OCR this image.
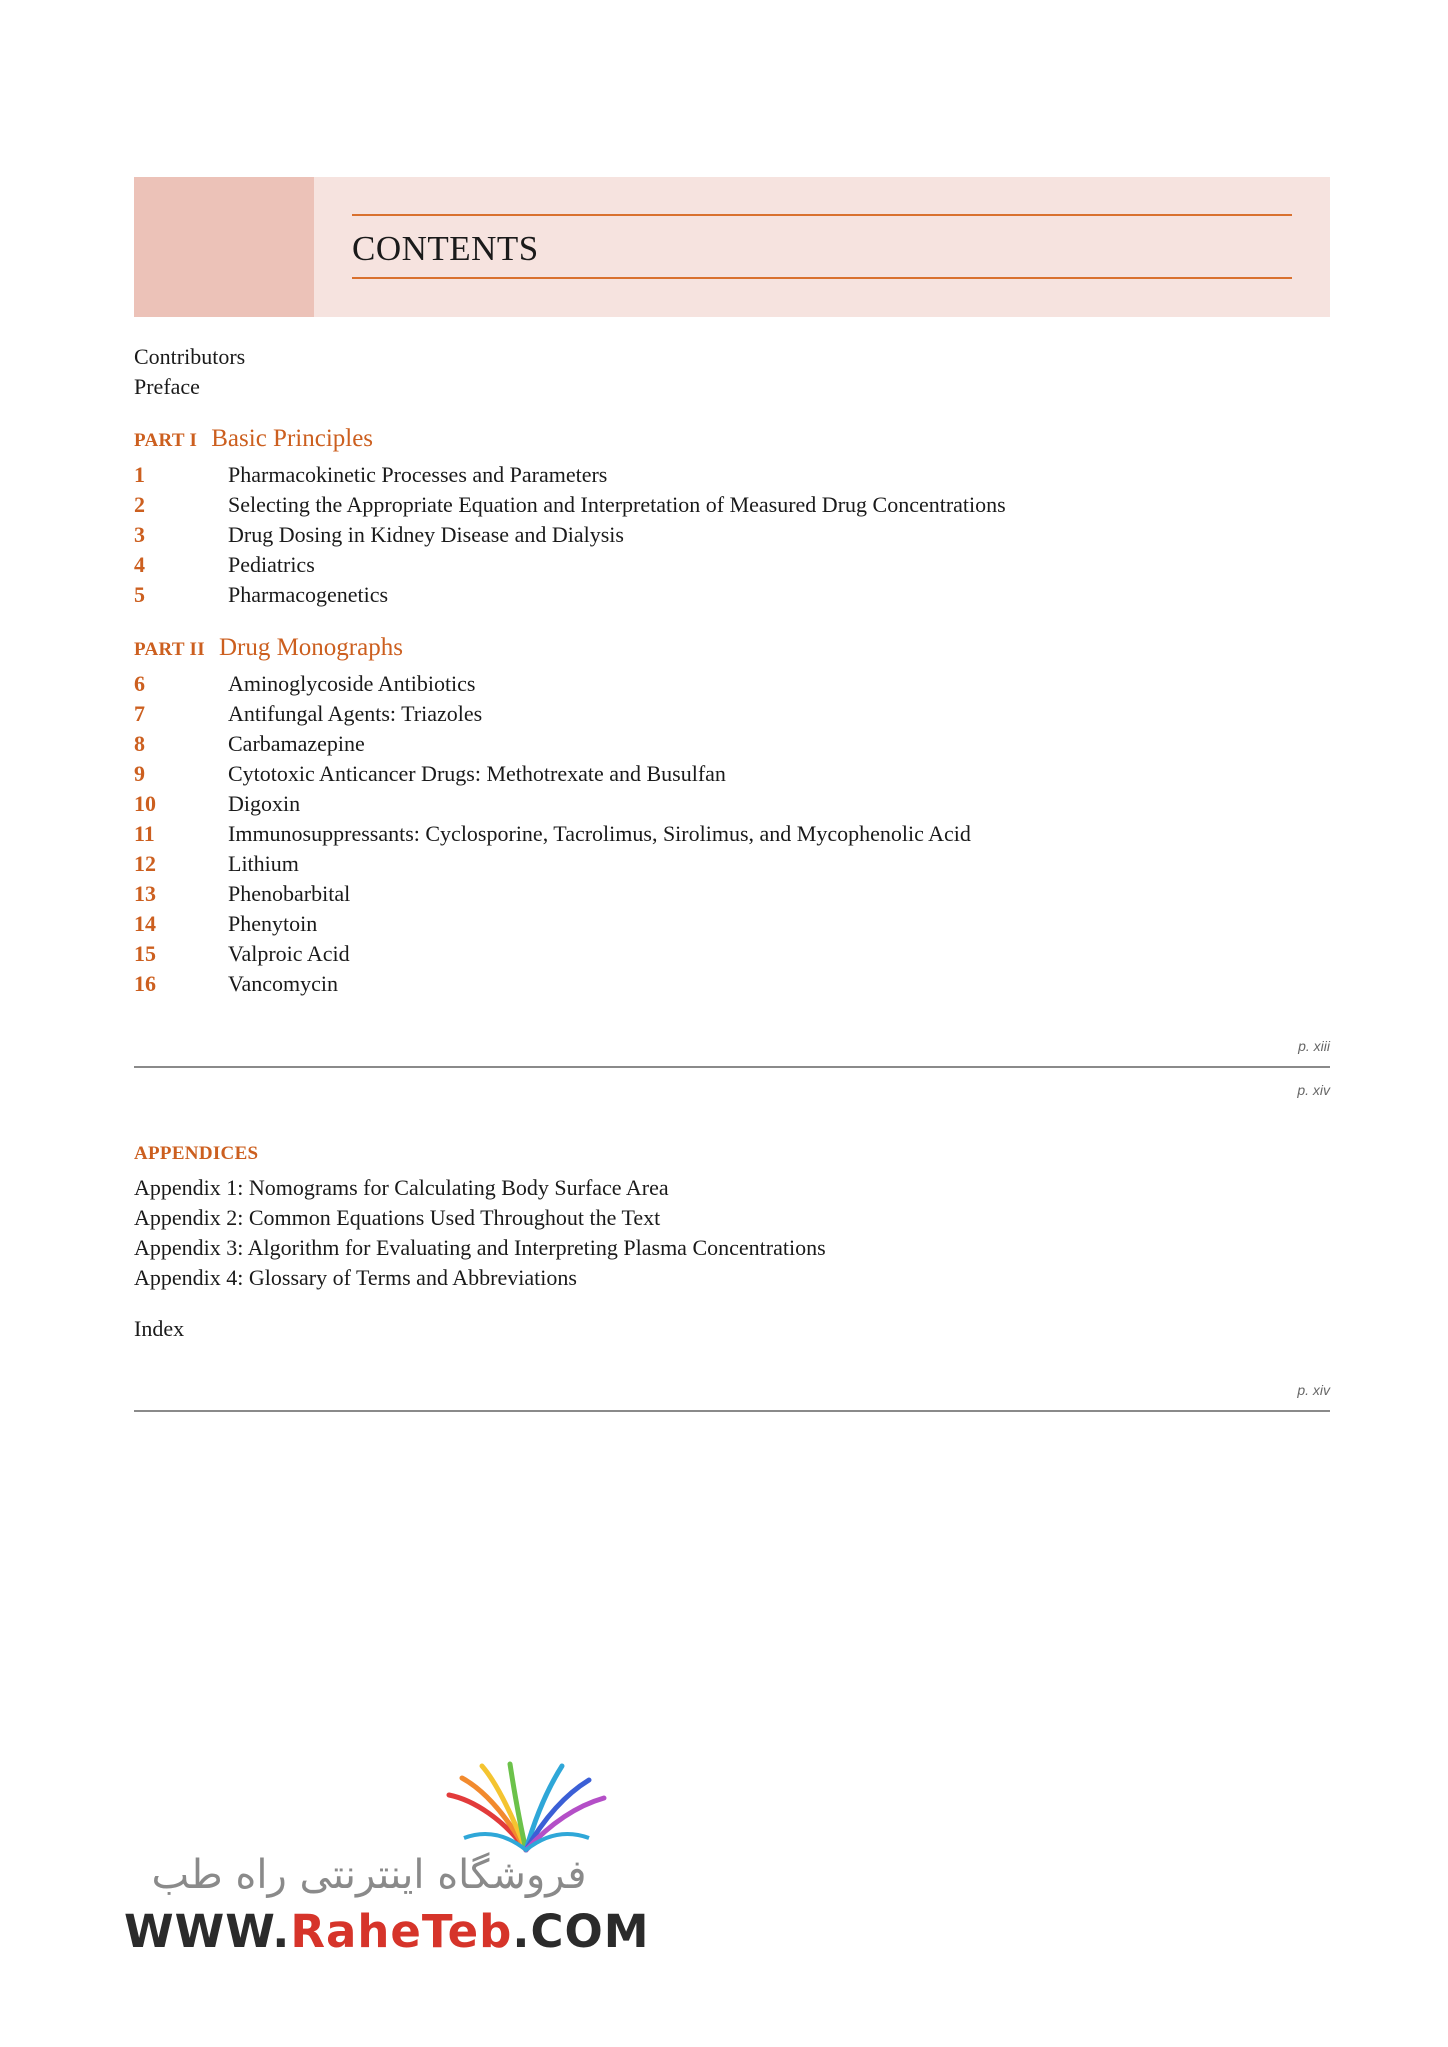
CONTENTS
Contributors
Preface
PART I Basic Principles
1	Pharmacokinetic Processes and Parameters
2	Selecting the Appropriate Equation and Interpretation of Measured Drug Concentrations
3	Drug Dosing in Kidney Disease and Dialysis
4	Pediatrics
5	Pharmacogenetics
PART II Drug Monographs
6	Aminoglycoside Antibiotics
7	Antifungal Agents: Triazoles
8	Carbamazepine
9	Cytotoxic Anticancer Drugs: Methotrexate and Busulfan
10	Digoxin
11	Immunosuppressants: Cyclosporine, Tacrolimus, Sirolimus, and Mycophenolic Acid
12	Lithium
13	Phenobarbital
14	Phenytoin
15	Valproic Acid
16	Vancomycin
p. xiii
p. xiv
APPENDICES
Appendix 1: Nomograms for Calculating Body Surface Area
Appendix 2: Common Equations Used Throughout the Text
Appendix 3: Algorithm for Evaluating and Interpreting Plasma Concentrations
Appendix 4: Glossary of Terms and Abbreviations
Index
p. xiv
فروشگاه اینترنتی راه طب
WWW.RaheTeb.COM
